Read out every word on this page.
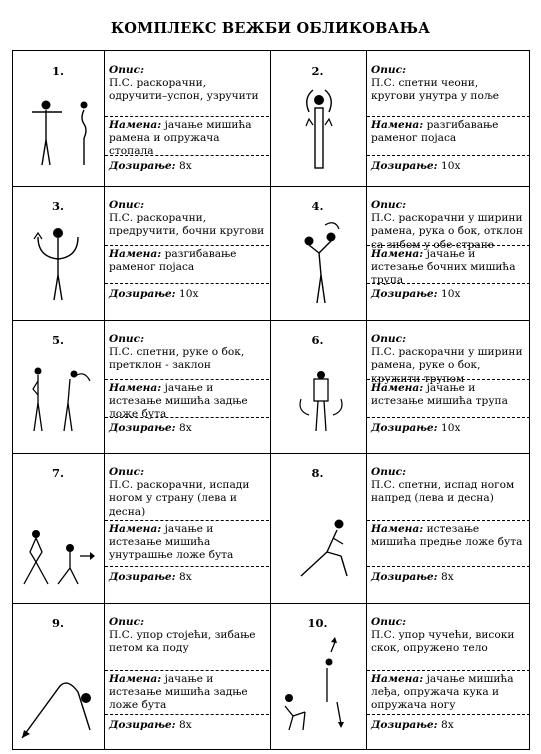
КОМПЛЕКС ВЕЖБИ ОБЛИКОВАЊА
1.	Опис:
П.С. раскорачни, одручити–успон, узручити
Намена: јачање мишића рамена и опружача стопала
Дозирање: 8х
2.	Опис:
П.С. спетни чеони, кругови унутра у поље
Намена: разгибавање раменог појаса
Дозирање: 10х
3.	Опис:
П.С. раскорачни, предручити, бочни кругови
Намена: разгибавање раменог појаса
Дозирање: 10х
4.	Опис:
П.С. раскорачни у ширини рамена, рука о бок, отклон са зибом у обе стране
Намена: јачање и истезање бочних мишића трупа
Дозирање: 10х
5.	Опис:
П.С. спетни, руке о бок, претклон - заклон
Намена: јачање и истезање мишића задње ложе бута
Дозирање: 8х
6.	Опис:
П.С. раскорачни у ширини рамена, руке о бок, кружити трупом
Намена: јачање и истезање мишића трупа
Дозирање: 10х
7.	Опис:
П.С. раскорачни, испади ногом у страну (лева и десна)
Намена: јачање и истезање мишића унутрашње ложе бута
Дозирање: 8х
8.	Опис:
П.С. спетни, испад ногом напред (лева и десна)
Намена: истезање мишића предње ложе бута
Дозирање: 8х
9.	Опис:
П.С. упор стојећи, зибање петом ка поду
Намена: јачање и истезање мишића задње ложе бута
Дозирање: 8х
10.	Опис:
П.С. упор чучећи, високи скок, опружено тело
Намена: јачање мишића леђа, опружача кука и опружача ногу
Дозирање: 8х
